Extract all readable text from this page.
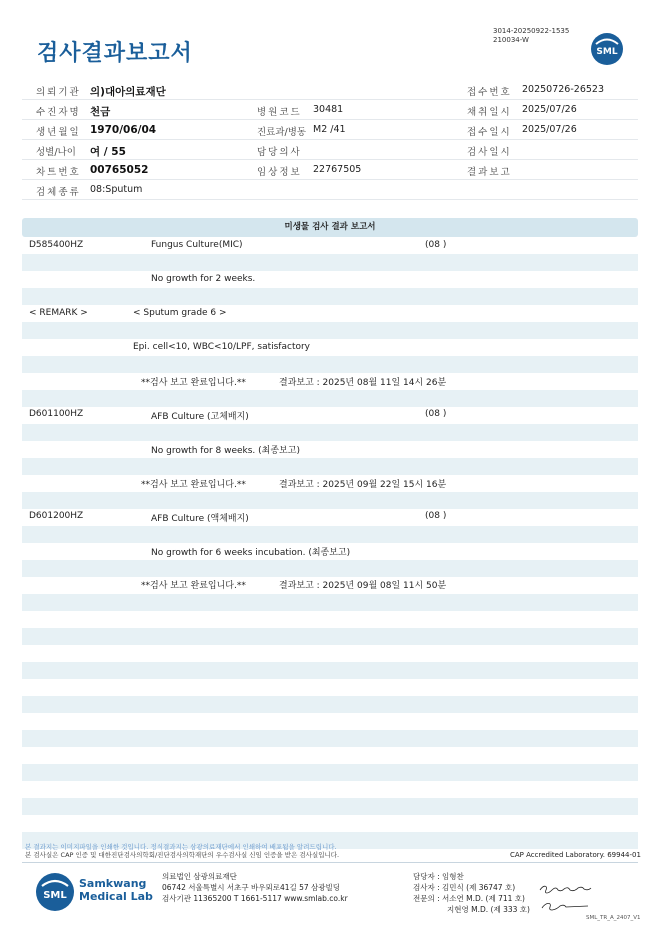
검사결과보고서
3014-20250922-1535
210034-W
SML
의뢰기관 의)대아의료재단	접수번호 20250726-26523
수진자명 천금	병원코드 30481	채취일시 2025/07/26
생년월일 1970/06/04	진료과/병동 M2 /41	접수일시 2025/07/26
성별/나이 여 / 55	담당의사	검사일시
차트번호 00765052	임상정보 22767505	결과보고
검체종류 08:Sputum
미생물 검사 결과 보고서
D585400HZ	Fungus Culture(MIC)	(08 )
No growth for 2 weeks.
< REMARK >	< Sputum grade 6 >
Epi. cell<10, WBC<10/LPF, satisfactory
**검사 보고 완료입니다.**	결과보고 : 2025년 08월 11일 14시 26분
D601100HZ	AFB Culture (고체배지)	(08 )
No growth for 8 weeks. (최종보고)
**검사 보고 완료입니다.**	결과보고 : 2025년 09월 22일 15시 16분
D601200HZ	AFB Culture (액체배지)	(08 )
No growth for 6 weeks incubation. (최종보고)
**검사 보고 완료입니다.**	결과보고 : 2025년 09월 08일 11시 50분
본 결과지는 이미지파일을 인쇄한 것입니다. 정식결과지는 삼광의료재단에서 인쇄하여 배포됨을 알려드립니다.
본 검사실은 CAP 인증 및 대한진단검사의학회/진단검사의학재단의 우수검사실 신임 인증을 받은 검사실입니다.	CAP Accredited Laboratory. 69944-01
SML
Samkwang
Medical Lab
의료법인 삼광의료재단
06742 서울특별시 서초구 바우뫼로41길 57 삼광빌딩
검사기관 11365200 T 1661-5117 www.smlab.co.kr
담당자 : 임형찬
검사자 : 김민식 (제 36747 호)
전문의 : 서소연 M.D. (제 711 호)
지현영 M.D. (제 333 호)
SML_TR_A_2407_V1
